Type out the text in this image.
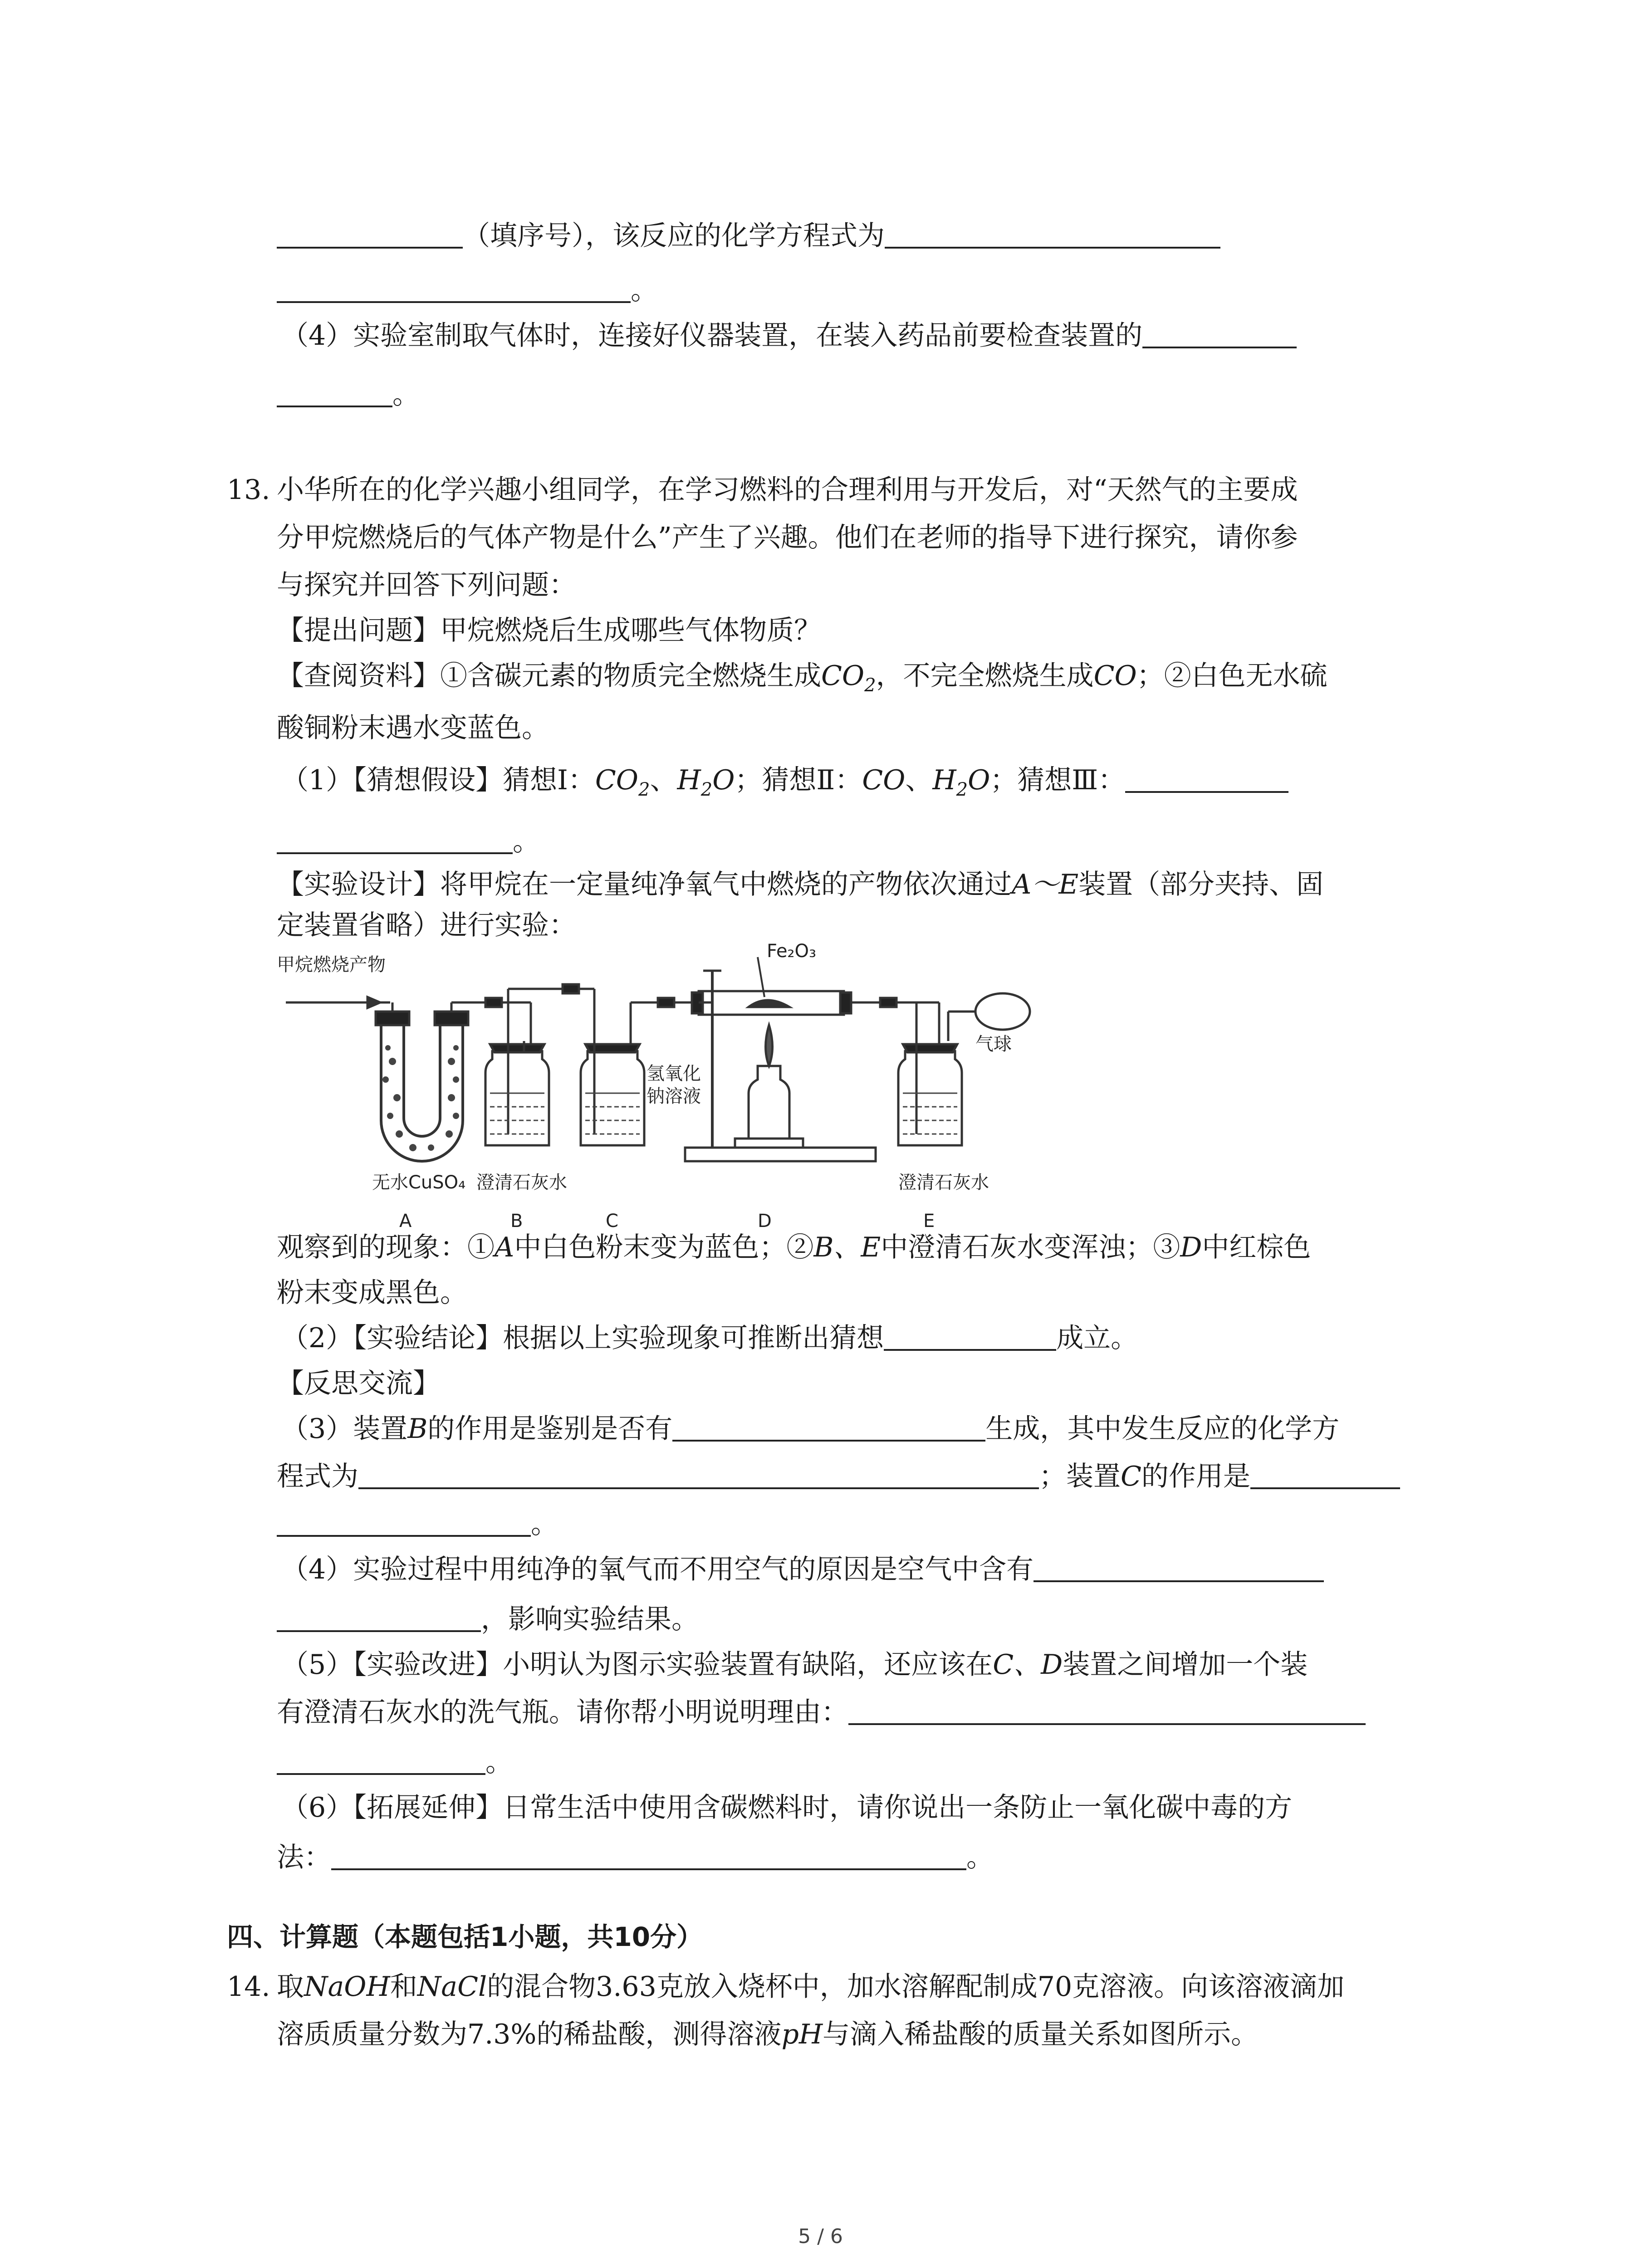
（填序号），该反应的化学方程式为
。
（4）实验室制取气体时，连接好仪器装置，在装入药品前要检查装置的
。
13. 小华所在的化学兴趣小组同学，在学习燃料的合理利用与开发后，对“天然气的主要成
分甲烷燃烧后的气体产物是什么”产生了兴趣。他们在老师的指导下进行探究，请你参
与探究并回答下列问题：
【提出问题】甲烷燃烧后生成哪些气体物质？
【查阅资料】①含碳元素的物质完全燃烧生成$CO_2$，不完全燃烧生成CO；②白色无水硫
酸铜粉末遇水变蓝色。
（1）【猜想假设】猜想Ⅰ：$CO_2$、$H_2O$；猜想Ⅱ：CO、$H_2O$；猜想Ⅲ：
。
【实验设计】将甲烷在一定量纯净氧气中燃烧的产物依次通过A～E装置（部分夹持、固
定装置省略）进行实验：
甲烷燃烧产物
Fe₂O₃
无水CuSO₄ 澄清石灰水
氢氧化
钠溶液
澄清石灰水
气球
A	B	C	D	E
观察到的现象：①A中白色粉末变为蓝色；②B、E中澄清石灰水变浑浊；③D中红棕色
粉末变成黑色。
（2）【实验结论】根据以上实验现象可推断出猜想	成立。
【反思交流】
（3）装置B的作用是鉴别是否有	生成，其中发生反应的化学方
程式为	；装置C的作用是
。
（4）实验过程中用纯净的氧气而不用空气的原因是空气中含有
，影响实验结果。
（5）【实验改进】小明认为图示实验装置有缺陷，还应该在C、D装置之间增加一个装
有澄清石灰水的洗气瓶。请你帮小明说明理由：
。
（6）【拓展延伸】日常生活中使用含碳燃料时，请你说出一条防止一氧化碳中毒的方
法：	。
四、计算题（本题包括1小题，共10分）
14. 取NaOH和NaCl的混合物3.63克放入烧杯中，加水溶解配制成70克溶液。向该溶液滴加
溶质质量分数为7.3%的稀盐酸，测得溶液pH与滴入稀盐酸的质量关系如图所示。
5 / 6
